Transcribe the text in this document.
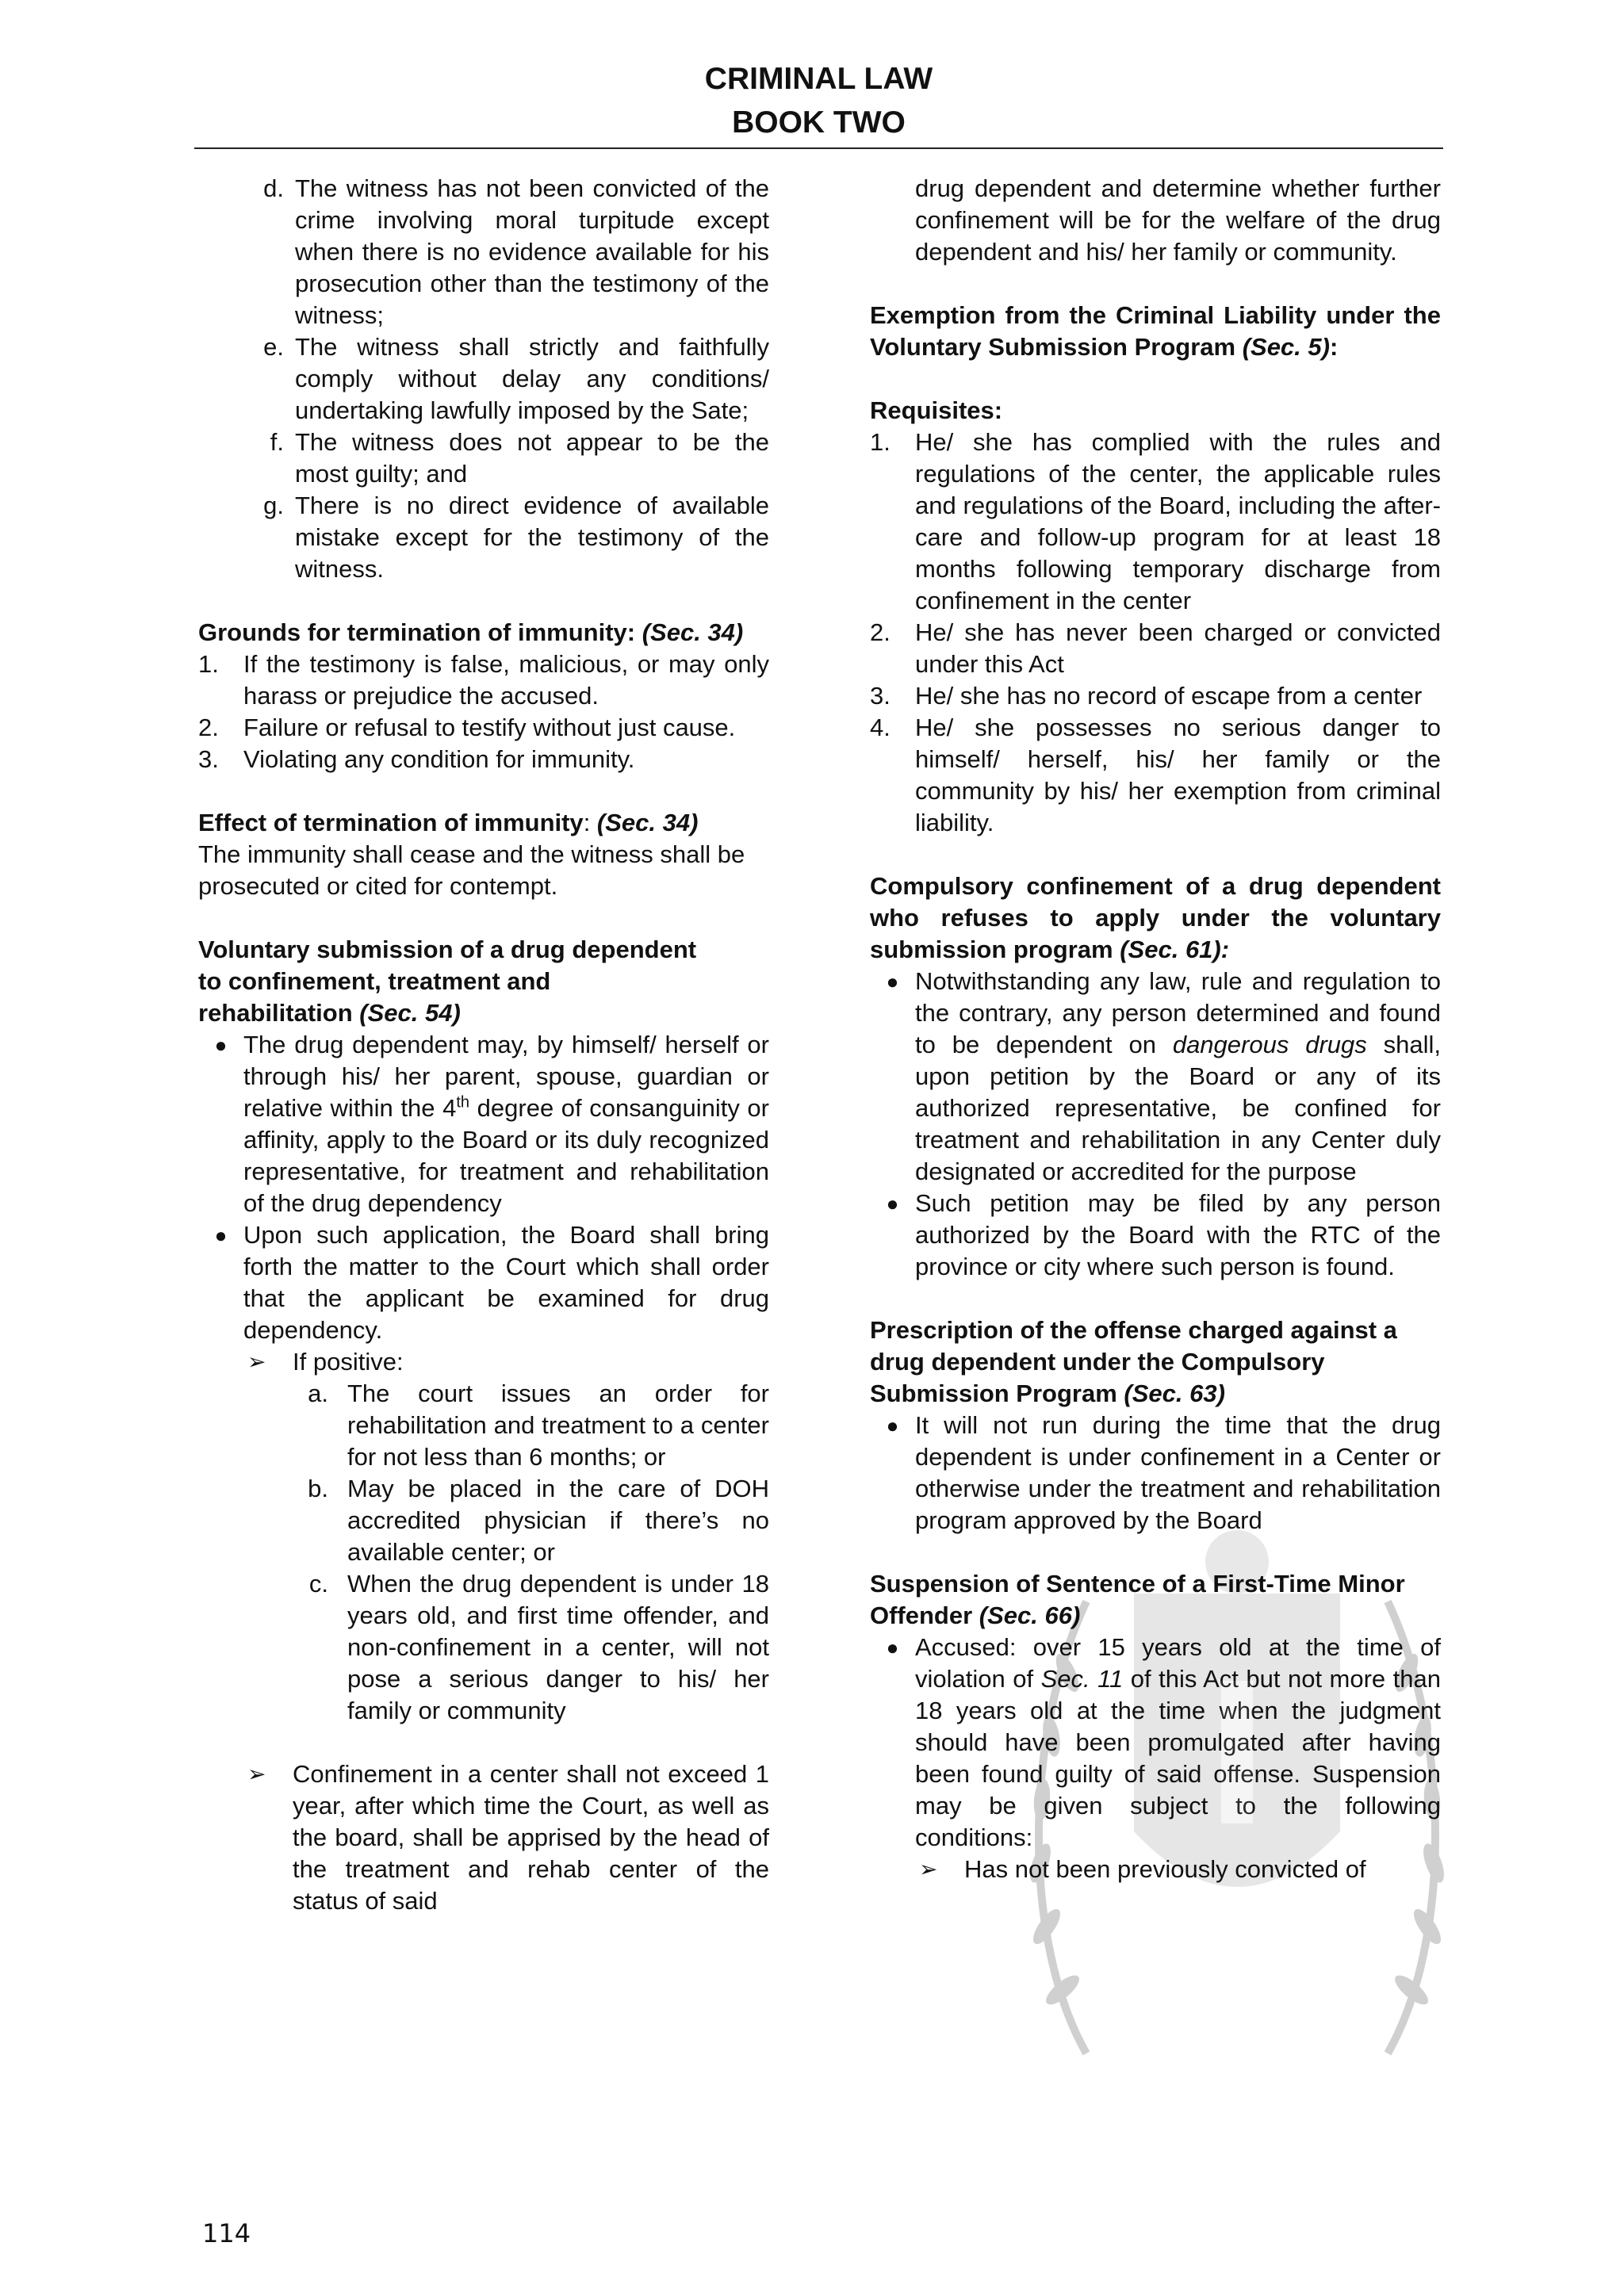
CRIMINAL LAW
BOOK TWO
d. The witness has not been convicted of the crime involving moral turpitude except when there is no evidence available for his prosecution other than the testimony of the witness;
e. The witness shall strictly and faithfully comply without delay any conditions/ undertaking lawfully imposed by the Sate;
f. The witness does not appear to be the most guilty; and
g. There is no direct evidence of available mistake except for the testimony of the witness.
Grounds for termination of immunity: (Sec. 34)
1.	If the testimony is false, malicious, or may only harass or prejudice the accused.
2.	Failure or refusal to testify without just cause.
3.	Violating any condition for immunity.
Effect of termination of immunity: (Sec. 34)
The immunity shall cease and the witness shall be prosecuted or cited for contempt.
Voluntary submission of a drug dependent
to confinement, treatment and
rehabilitation (Sec. 54)
● The drug dependent may, by himself/ herself or through his/ her parent, spouse, guardian or relative within the 4th degree of consanguinity or affinity, apply to the Board or its duly recognized representative, for treatment and rehabilitation of the drug dependency
● Upon such application, the Board shall bring forth the matter to the Court which shall order that the applicant be examined for drug dependency.
➢	If positive:
a. The court issues an order for rehabilitation and treatment to a center for not less than 6 months; or
b. May be placed in the care of DOH accredited physician if there’s no available center; or
c. When the drug dependent is under 18 years old, and first time offender, and non-confinement in a center, will not pose a serious danger to his/ her family or community
➢	Confinement in a center shall not exceed 1 year, after which time the Court, as well as the board, shall be apprised by the head of the treatment and rehab center of the status of said
drug dependent and determine whether further confinement will be for the welfare of the drug dependent and his/ her family or community.
Exemption from the Criminal Liability under the Voluntary Submission Program (Sec. 5):
Requisites:
1.	He/ she has complied with the rules and regulations of the center, the applicable rules and regulations of the Board, including the after-care and follow-up program for at least 18 months following temporary discharge from confinement in the center
2.	He/ she has never been charged or convicted under this Act
3.	He/ she has no record of escape from a center
4.	He/ she possesses no serious danger to himself/ herself, his/ her family or the community by his/ her exemption from criminal liability.
Compulsory confinement of a drug dependent who refuses to apply under the voluntary submission program (Sec. 61):
● Notwithstanding any law, rule and regulation to the contrary, any person determined and found to be dependent on dangerous drugs shall, upon petition by the Board or any of its authorized representative, be confined for treatment and rehabilitation in any Center duly designated or accredited for the purpose
● Such petition may be filed by any person authorized by the Board with the RTC of the province or city where such person is found.
Prescription of the offense charged against a drug dependent under the Compulsory Submission Program (Sec. 63)
● It will not run during the time that the drug dependent is under confinement in a Center or otherwise under the treatment and rehabilitation program approved by the Board
Suspension of Sentence of a First-Time Minor Offender (Sec. 66)
● Accused: over 15 years old at the time of violation of Sec. 11 of this Act but not more than 18 years old at the time when the judgment should have been promulgated after having been found guilty of said offense. Suspension may be given subject to the following conditions:
➢	Has not been previously convicted of
114
